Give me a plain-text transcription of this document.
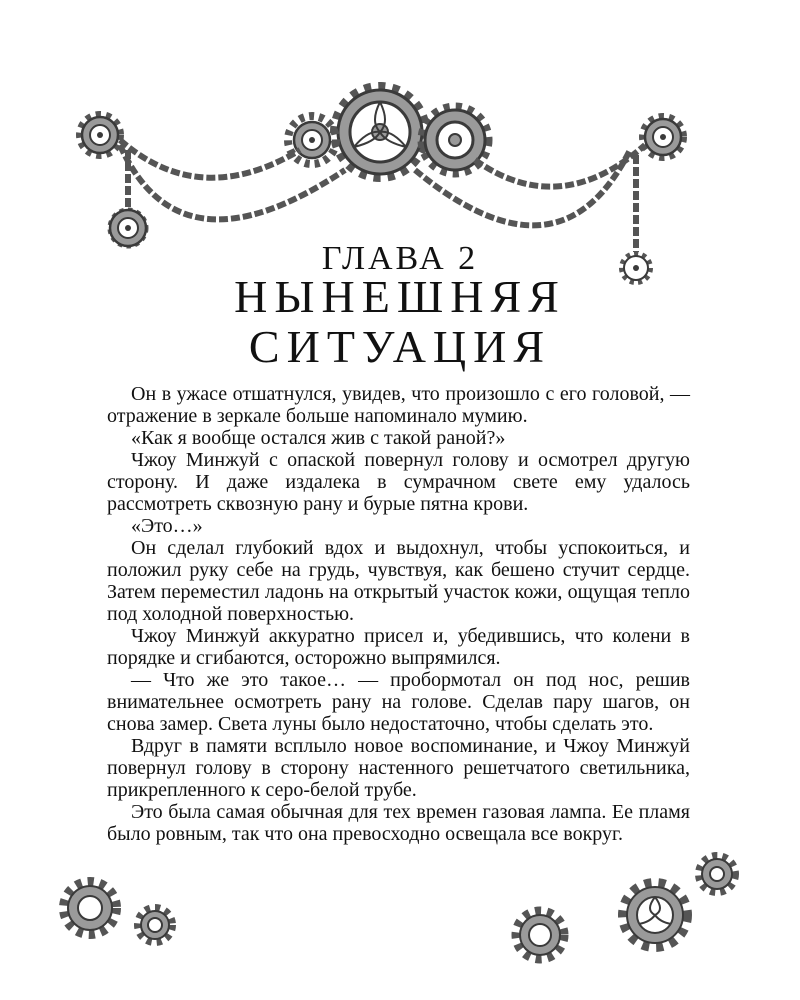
ГЛАВА 2
НЫНЕШНЯЯ
СИТУАЦИЯ

Он в ужасе отшатнулся, увидев, что произошло с его головой, — отражение в зеркале больше напоминало мумию.

«Как я вообще остался жив с такой раной?»

Чжоу Минжуй с опаской повернул голову и осмотрел другую сторону. И даже издалека в сумрачном свете ему удалось рассмотреть сквозную рану и бурые пятна крови.

«Это…»

Он сделал глубокий вдох и выдохнул, чтобы успокоиться, и положил руку себе на грудь, чувствуя, как бешено стучит сердце. Затем переместил ладонь на открытый участок кожи, ощущая тепло под холодной поверхностью.

Чжоу Минжуй аккуратно присел и, убедившись, что колени в порядке и сгибаются, осторожно выпрямился.

— Что же это такое… — пробормотал он под нос, решив внимательнее осмотреть рану на голове. Сделав пару шагов, он снова замер. Света луны было недостаточно, чтобы сделать это.

Вдруг в памяти всплыло новое воспоминание, и Чжоу Минжуй повернул голову в сторону настенного решетчатого светильника, прикрепленного к серо-белой трубе.

Это была самая обычная для тех времен газовая лампа. Ее пламя было ровным, так что она превосходно освещала все вокруг.
